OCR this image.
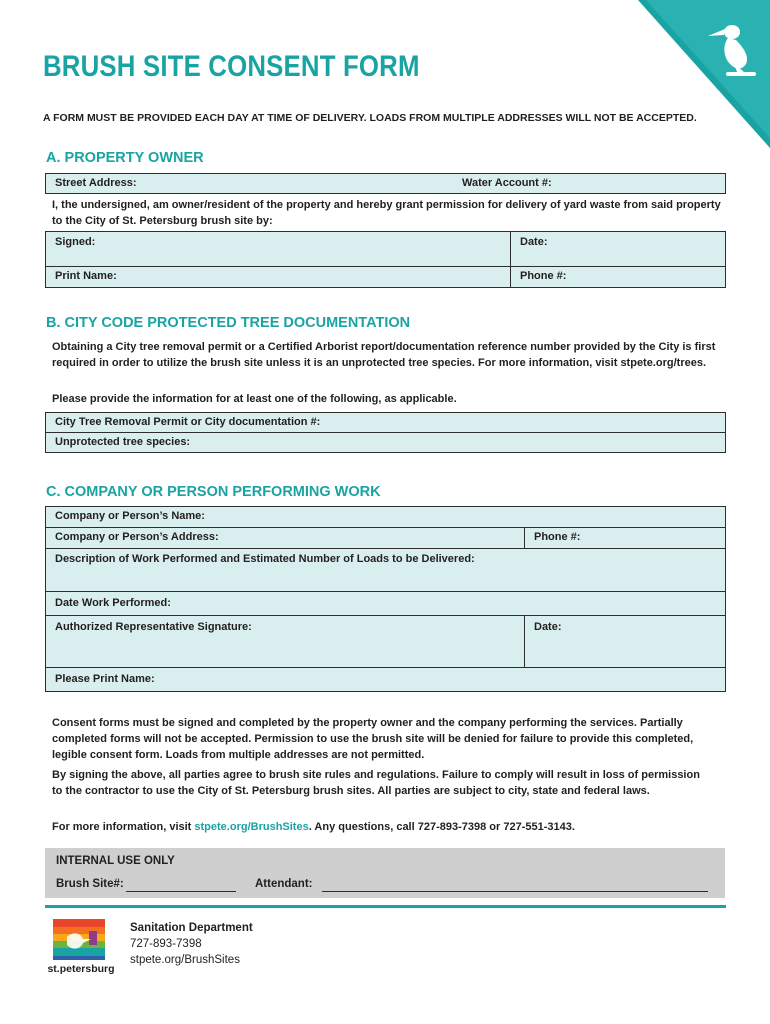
BRUSH SITE CONSENT FORM
A FORM MUST BE PROVIDED EACH DAY AT TIME OF DELIVERY. LOADS FROM MULTIPLE ADDRESSES WILL NOT BE ACCEPTED.
A. PROPERTY OWNER
Street Address:	Water Account #:
I, the undersigned, am owner/resident of the property and hereby grant permission for delivery of yard waste from said property to the City of St. Petersburg brush site by:
Signed:	Date:
Print Name:	Phone #:
B. CITY CODE PROTECTED TREE DOCUMENTATION
Obtaining a City tree removal permit or a Certified Arborist report/documentation reference number provided by the City is first required in order to utilize the brush site unless it is an unprotected tree species. For more information, visit stpete.org/trees.
Please provide the information for at least one of the following, as applicable.
City Tree Removal Permit or City documentation #:
Unprotected tree species:
C. COMPANY OR PERSON PERFORMING WORK
Company or Person’s Name:
Company or Person’s Address:	Phone #:
Description of Work Performed and Estimated Number of Loads to be Delivered:
Date Work Performed:
Authorized Representative Signature:	Date:
Please Print Name:
Consent forms must be signed and completed by the property owner and the company performing the services. Partially completed forms will not be accepted. Permission to use the brush site will be denied for failure to provide this completed, legible consent form. Loads from multiple addresses are not permitted.
By signing the above, all parties agree to brush site rules and regulations. Failure to comply will result in loss of permission to the contractor to use the City of St. Petersburg brush sites. All parties are subject to city, state and federal laws.
For more information, visit stpete.org/BrushSites. Any questions, call 727-893-7398 or 727-551-3143.
INTERNAL USE ONLY
Brush Site#:	Attendant:
st.petersburg
Sanitation Department
727-893-7398
stpete.org/BrushSites
